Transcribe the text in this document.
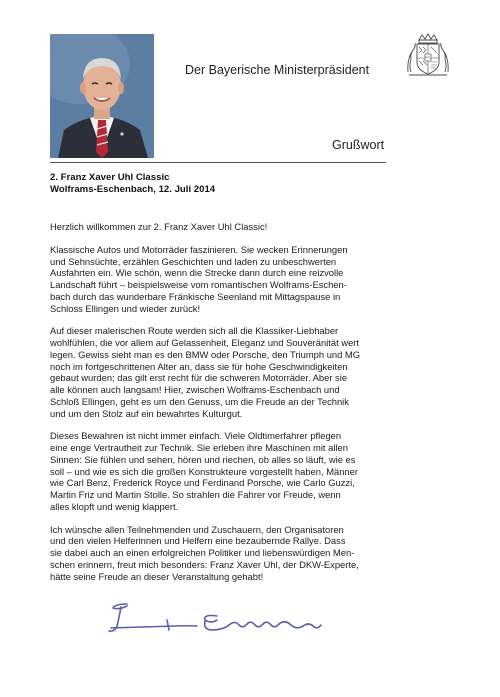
Der Bayerische Ministerpräsident
Grußwort
2. Franz Xaver Uhl Classic
Wolframs-Eschenbach, 12. Juli 2014

Herzlich willkommen zur 2. Franz Xaver Uhl Classic!

Klassische Autos und Motorräder faszinieren. Sie wecken Erinnerungen
und Sehnsüchte, erzählen Geschichten und laden zu unbeschwerten
Ausfahrten ein. Wie schön, wenn die Strecke dann durch eine reizvolle
Landschaft führt – beispielsweise vom romantischen Wolframs-Eschen-
bach durch das wunderbare Fränkische Seenland mit Mittagspause in
Schloss Ellingen und wieder zurück!

Auf dieser malerischen Route werden sich all die Klassiker-Liebhaber
wohlfühlen, die vor allem auf Gelassenheit, Eleganz und Souveränität wert
legen. Gewiss sieht man es den BMW oder Porsche, den Triumph und MG
noch im fortgeschrittenen Alter an, dass sie für hohe Geschwindigkeiten
gebaut wurden; das gilt erst recht für die schweren Motorräder. Aber sie
alle können auch langsam! Hier, zwischen Wolframs-Eschenbach und
Schloß Ellingen, geht es um den Genuss, um die Freude an der Technik
und um den Stolz auf ein bewahrtes Kulturgut.

Dieses Bewahren ist nicht immer einfach. Viele Oldtimerfahrer pflegen
eine enge Vertrautheit zur Technik. Sie erleben ihre Maschinen mit allen
Sinnen: Sie fühlen und sehen, hören und riechen, ob alles so läuft, wie es
soll – und wie es sich die großen Konstrukteure vorgestellt haben, Männer
wie Carl Benz, Frederick Royce und Ferdinand Porsche, wie Carlo Guzzi,
Martin Friz und Martin Stolle. So strahlen die Fahrer vor Freude, wenn
alles klopft und wenig klappert.

Ich wünsche allen Teilnehmenden und Zuschauern, den Organisatoren
und den vielen Helferinnen und Helfern eine bezaubernde Rallye. Dass
sie dabei auch an einen erfolgreichen Politiker und liebenswürdigen Men-
schen erinnern, freut mich besonders: Franz Xaver Uhl, der DKW-Experte,
hätte seine Freude an dieser Veranstaltung gehabt!
